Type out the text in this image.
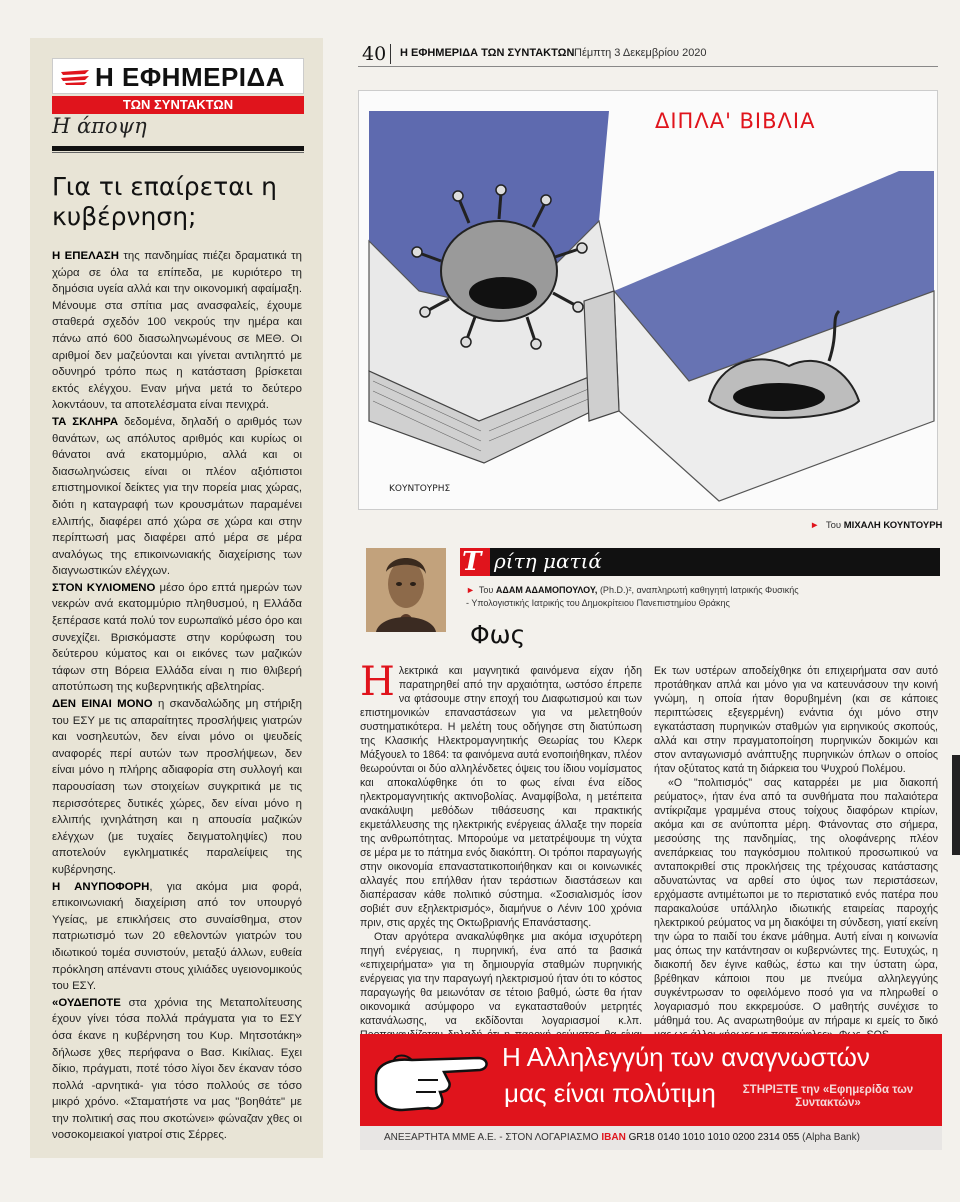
Η ΕΦΗΜΕΡΙΔΑ
ΤΩΝ ΣΥΝΤΑΚΤΩΝ
Η άποψη
Για τι επαίρεται η κυβέρνηση;

Η ΕΠΕΛΑΣΗ της πανδημίας πιέζει δραματικά τη χώρα σε όλα τα επίπεδα, με κυριότερο τη δημόσια υγεία αλλά και την οικονομική αφαίμαξη. Μένουμε στα σπίτια μας ανασφαλείς, έχουμε σταθερά σχεδόν 100 νεκρούς την ημέρα και πάνω από 600 διασωληνωμένους σε ΜΕΘ. Οι αριθμοί δεν μαζεύονται και γίνεται αντιληπτό με οδυνηρό τρόπο πως η κατάσταση βρίσκεται εκτός ελέγχου. Εναν μήνα μετά το δεύτερο λοκντάουν, τα αποτελέσματα είναι πενιχρά.

ΤΑ ΣΚΛΗΡΑ δεδομένα, δηλαδή ο αριθμός των θανάτων, ως απόλυτος αριθμός και κυρίως οι θάνατοι ανά εκατομμύριο, αλλά και οι διασωληνώσεις είναι οι πλέον αξιόπιστοι επιστημονικοί δείκτες για την πορεία μιας χώρας, διότι η καταγραφή των κρουσμάτων παραμένει ελλιπής, διαφέρει από χώρα σε χώρα και στην περίπτωσή μας διαφέρει από μέρα σε μέρα αναλόγως της επικοινωνιακής διαχείρισης των διαγνωστικών ελέγχων.

ΣΤΟΝ ΚΥΛΙΟΜΕΝΟ μέσο όρο επτά ημερών των νεκρών ανά εκατομμύριο πληθυσμού, η Ελλάδα ξεπέρασε κατά πολύ τον ευρωπαϊκό μέσο όρο και συνεχίζει. Βρισκόμαστε στην κορύφωση του δεύτερου κύματος και οι εικόνες των μαζικών τάφων στη Βόρεια Ελλάδα είναι η πιο θλιβερή αποτύπωση της κυβερνητικής αβελτηρίας.

ΔΕΝ ΕΙΝΑΙ ΜΟΝΟ η σκανδαλώδης μη στήριξη του ΕΣΥ με τις απαραίτητες προσλήψεις γιατρών και νοσηλευτών, δεν είναι μόνο οι ψευδείς αναφορές περί αυτών των προσλήψεων, δεν είναι μόνο η πλήρης αδιαφορία στη συλλογή και παρουσίαση των στοιχείων συγκριτικά με τις περισσότερες δυτικές χώρες, δεν είναι μόνο η ελλιπής ιχνηλάτηση και η απουσία μαζικών ελέγχων (με τυχαίες δειγματοληψίες) που αποτελούν εγκληματικές παραλείψεις της κυβέρνησης.

Η ΑΝΥΠΟΦΟΡΗ, για ακόμα μια φορά, επικοινωνιακή διαχείριση από τον υπουργό Υγείας, με επικλήσεις στο συναίσθημα, στον πατριωτισμό των 20 εθελοντών γιατρών του ιδιωτικού τομέα συνιστούν, μεταξύ άλλων, ευθεία πρόκληση απέναντι στους χιλιάδες υγειονομικούς του ΕΣΥ.

«ΟΥΔΕΠΟΤΕ στα χρόνια της Μεταπολίτευσης έχουν γίνει τόσα πολλά πράγματα για το ΕΣΥ όσα έκανε η κυβέρνηση του Κυρ. Μητσοτάκη» δήλωσε χθες περήφανα ο Βασ. Κικίλιας. Εχει δίκιο, πράγματι, ποτέ τόσο λίγοι δεν έκαναν τόσο πολλά -αρνητικά- για τόσο πολλούς σε τόσο μικρό χρόνο. «Σταματήστε να μας "βοηθάτε" με την πολιτική σας που σκοτώνει» φώναζαν χθες οι νοσοκομειακοί γιατροί στις Σέρρες.

40 Η ΕΦΗΜΕΡΙΔΑ ΤΩΝ ΣΥΝΤΑΚΤΩΝ Πέμπτη 3 Δεκεμβρίου 2020
ΚΟΥΝΤΟΥΡΗΣ
ΔΙΠΛΑ' ΒΙΒΛΙΑ
► Του ΜΙΧΑΛΗ ΚΟΥΝΤΟΥΡΗ
Τ ρίτη ματιά
► Του ΑΔΑΜ ΑΔΑΜΟΠΟΥΛΟΥ, (Ph.D.)², αναπληρωτή καθηγητή Ιατρικής Φυσικής
- Υπολογιστικής Ιατρικής του Δημοκρίτειου Πανεπιστημίου Θράκης
Φως

Ηλεκτρικά και μαγνητικά φαινόμενα είχαν ήδη παρατηρηθεί από την αρχαιότητα, ωστόσο έπρεπε να φτάσουμε στην εποχή του Διαφωτισμού και των επιστημονικών επαναστάσεων για να μελετηθούν συστηματικότερα. Η μελέτη τους οδήγησε στη διατύπωση της Κλασικής Ηλεκτρομαγνητικής Θεωρίας του Κλερκ Μάξγουελ το 1864: τα φαινόμενα αυτά ενοποιήθηκαν, πλέον θεωρούνται οι δύο αλληλένδετες όψεις του ίδιου νομίσματος και αποκαλύφθηκε ότι το φως είναι ένα είδος ηλεκτρομαγνητικής ακτινοβολίας. Αναμφίβολα, η μετέπειτα ανακάλυψη μεθόδων τιθάσευσης και πρακτικής εκμετάλλευσης της ηλεκτρικής ενέργειας άλλαξε την πορεία της ανθρωπότητας. Μπορούμε να μετατρέψουμε τη νύχτα σε μέρα με το πάτημα ενός διακόπτη. Οι τρόποι παραγωγής στην οικονομία επαναστατικοποιήθηκαν και οι κοινωνικές αλλαγές που επήλθαν ήταν τεράστιων διαστάσεων και διαπέρασαν κάθε πολιτικό σύστημα. «Σοσιαλισμός ίσον σοβιέτ συν εξηλεκτρισμός», διαμήνυε ο Λένιν 100 χρόνια πριν, στις αρχές της Οκτωβριανής Επανάστασης.

Οταν αργότερα ανακαλύφθηκε μια ακόμα ισχυρότερη πηγή ενέργειας, η πυρηνική, ένα από τα βασικά «επιχειρήματα» για τη δημιουργία σταθμών πυρηνικής ενέργειας για την παραγωγή ηλεκτρισμού ήταν ότι το κόστος παραγωγής θα μειωνόταν σε τέτοιο βαθμό, ώστε θα ήταν οικονομικά ασύμφορο να εγκατασταθούν μετρητές κατανάλωσης, να εκδίδονται λογαριασμοί κ.λπ.

Εκ των υστέρων αποδείχθηκε ότι επιχειρήματα σαν αυτό προτάθηκαν απλά και μόνο για να κατευνάσουν την κοινή γνώμη, η οποία ήταν θορυβημένη (και σε κάποιες περιπτώσεις εξεγερμένη) ενάντια όχι μόνο στην εγκατάσταση πυρηνικών σταθμών για ειρηνικούς σκοπούς, αλλά και στην πραγματοποίηση πυρηνικών δοκιμών και στον ανταγωνισμό ανάπτυξης πυρηνικών όπλων ο οποίος ήταν οξύτατος κατά τη διάρκεια του Ψυχρού Πολέμου.

«Ο "πολιτισμός" σας καταρρέει με μια διακοπή ρεύματος», ήταν ένα από τα συνθήματα που παλαιότερα αντίκριζαμε γραμμένα στους τοίχους διαφόρων κτιρίων, ακόμα και σε ανύποπτα μέρη. Φτάνοντας στο σήμερα, μεσούσης της πανδημίας, της ολοφάνερης πλέον ανεπάρκειας του παγκόσμιου πολιτικού προσωπικού να ανταποκριθεί στις προκλήσεις της τρέχουσας κατάστασης αδυνατώντας να αρθεί στο ύψος των περιστάσεων, ερχόμαστε αντιμέτωποι με το περιστατικό ενός πατέρα που παρακαλούσε υπάλληλο ιδιωτικής εταιρείας παροχής ηλεκτρικού ρεύματος να μη διακόψει τη σύνδεση, γιατί εκείνη την ώρα το παιδί του έκανε μάθημα. Αυτή είναι η κοινωνία μας όπως την κατάντησαν οι κυβερνώντες της. Ευτυχώς, η διακοπή δεν έγινε καθώς, έστω και την ύστατη ώρα, βρέθηκαν κάποιοι που με πνεύμα αλληλεγγύης συγκέντρωσαν το οφειλόμενο ποσό για να πληρωθεί ο λογαριασμό που εκκρεμούσε. Ο μαθητής συνέχισε το μάθημά του. Ας αναρωτηθούμε αν πήραμε κι εμείς το δικό

Η Αλληλεγγύη των αναγνωστών
μας είναι πολύτιμη	ΣΤΗΡΙΞΤΕ την «Εφημερίδα των Συντακτών»
ΑΝΕΞΑΡΤΗΤΑ ΜΜΕ Α.Ε. - ΣΤΟΝ ΛΟΓΑΡΙΑΣΜΟ IBAN GR18 0140 1010 1010 0200 2314 055 (Alpha Bank)
